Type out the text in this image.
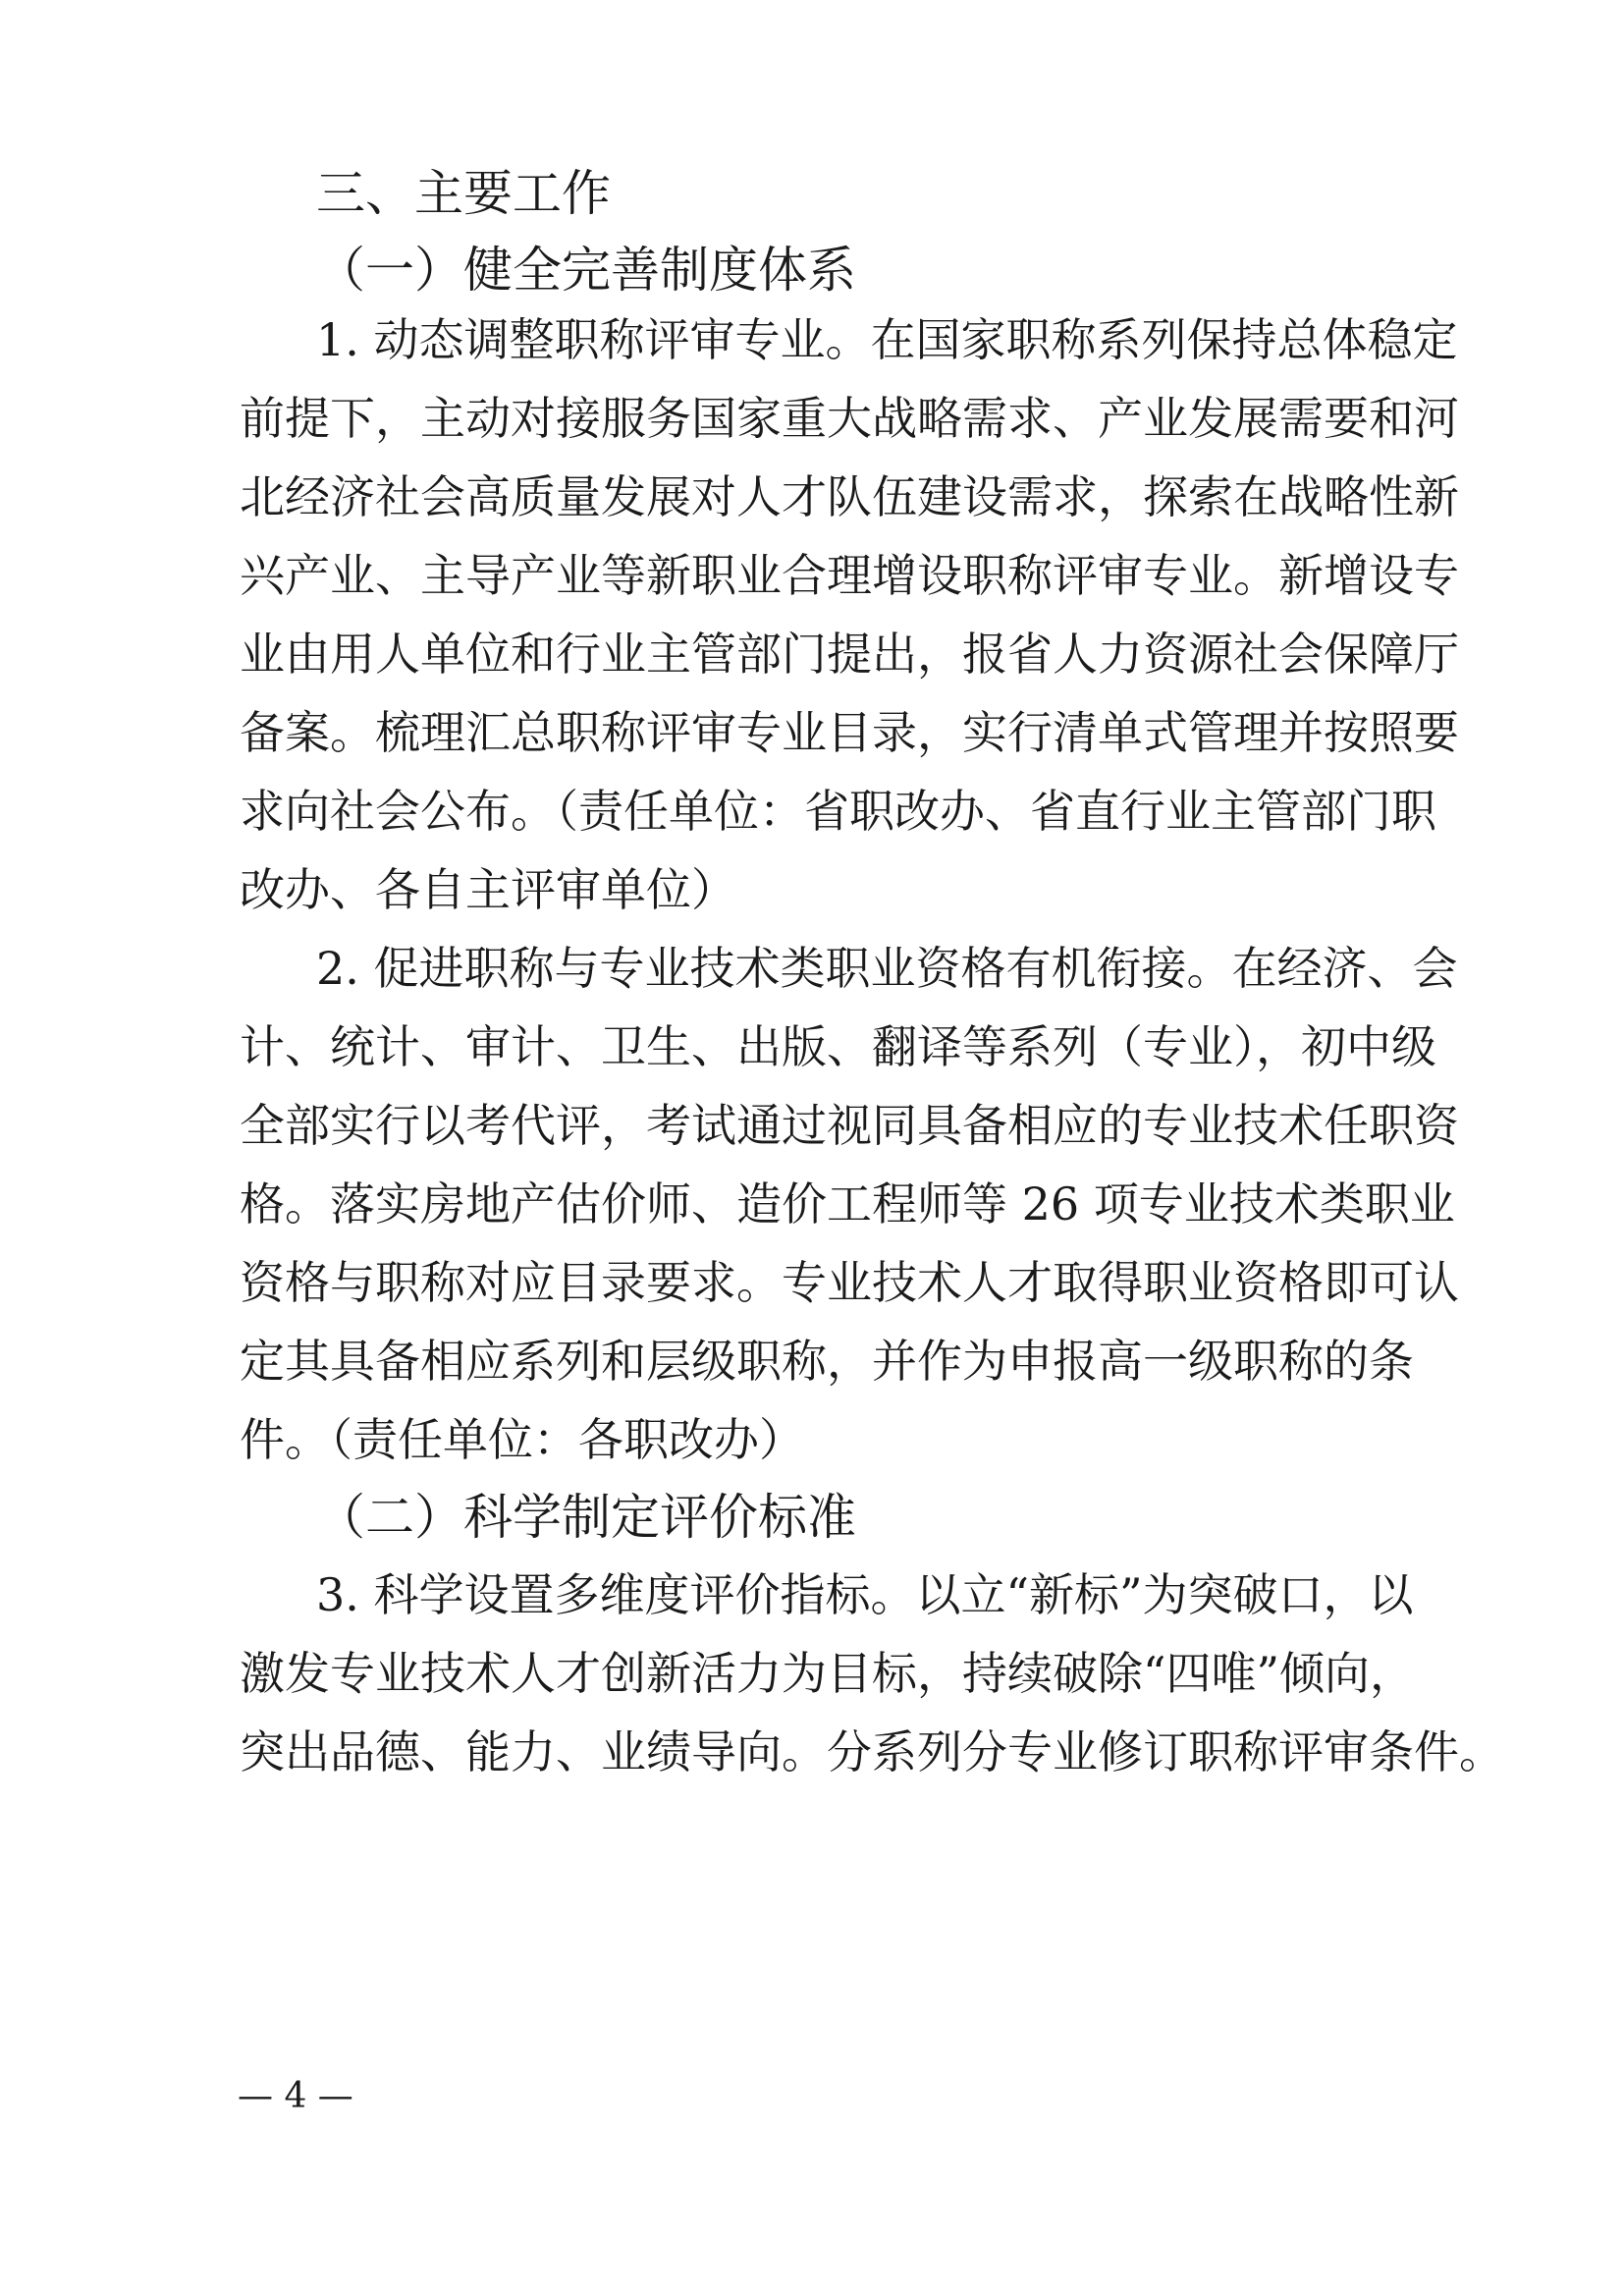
三、主要工作
（一）健全完善制度体系
1. 动态调整职称评审专业。在国家职称系列保持总体稳定
前提下，主动对接服务国家重大战略需求、产业发展需要和河
北经济社会高质量发展对人才队伍建设需求，探索在战略性新
兴产业、主导产业等新职业合理增设职称评审专业。新增设专
业由用人单位和行业主管部门提出，报省人力资源社会保障厅
备案。梳理汇总职称评审专业目录，实行清单式管理并按照要
求向社会公布。（责任单位：省职改办、省直行业主管部门职
改办、各自主评审单位）
2. 促进职称与专业技术类职业资格有机衔接。在经济、会
计、统计、审计、卫生、出版、翻译等系列（专业），初中级
全部实行以考代评，考试通过视同具备相应的专业技术任职资
格。落实房地产估价师、造价工程师等 26 项专业技术类职业
资格与职称对应目录要求。专业技术人才取得职业资格即可认
定其具备相应系列和层级职称，并作为申报高一级职称的条
件。（责任单位：各职改办）
（二）科学制定评价标准
3. 科学设置多维度评价指标。以立“新标”为突破口，以
激发专业技术人才创新活力为目标，持续破除“四唯”倾向，
突出品德、能力、业绩导向。分系列分专业修订职称评审条件。
— 4 —
